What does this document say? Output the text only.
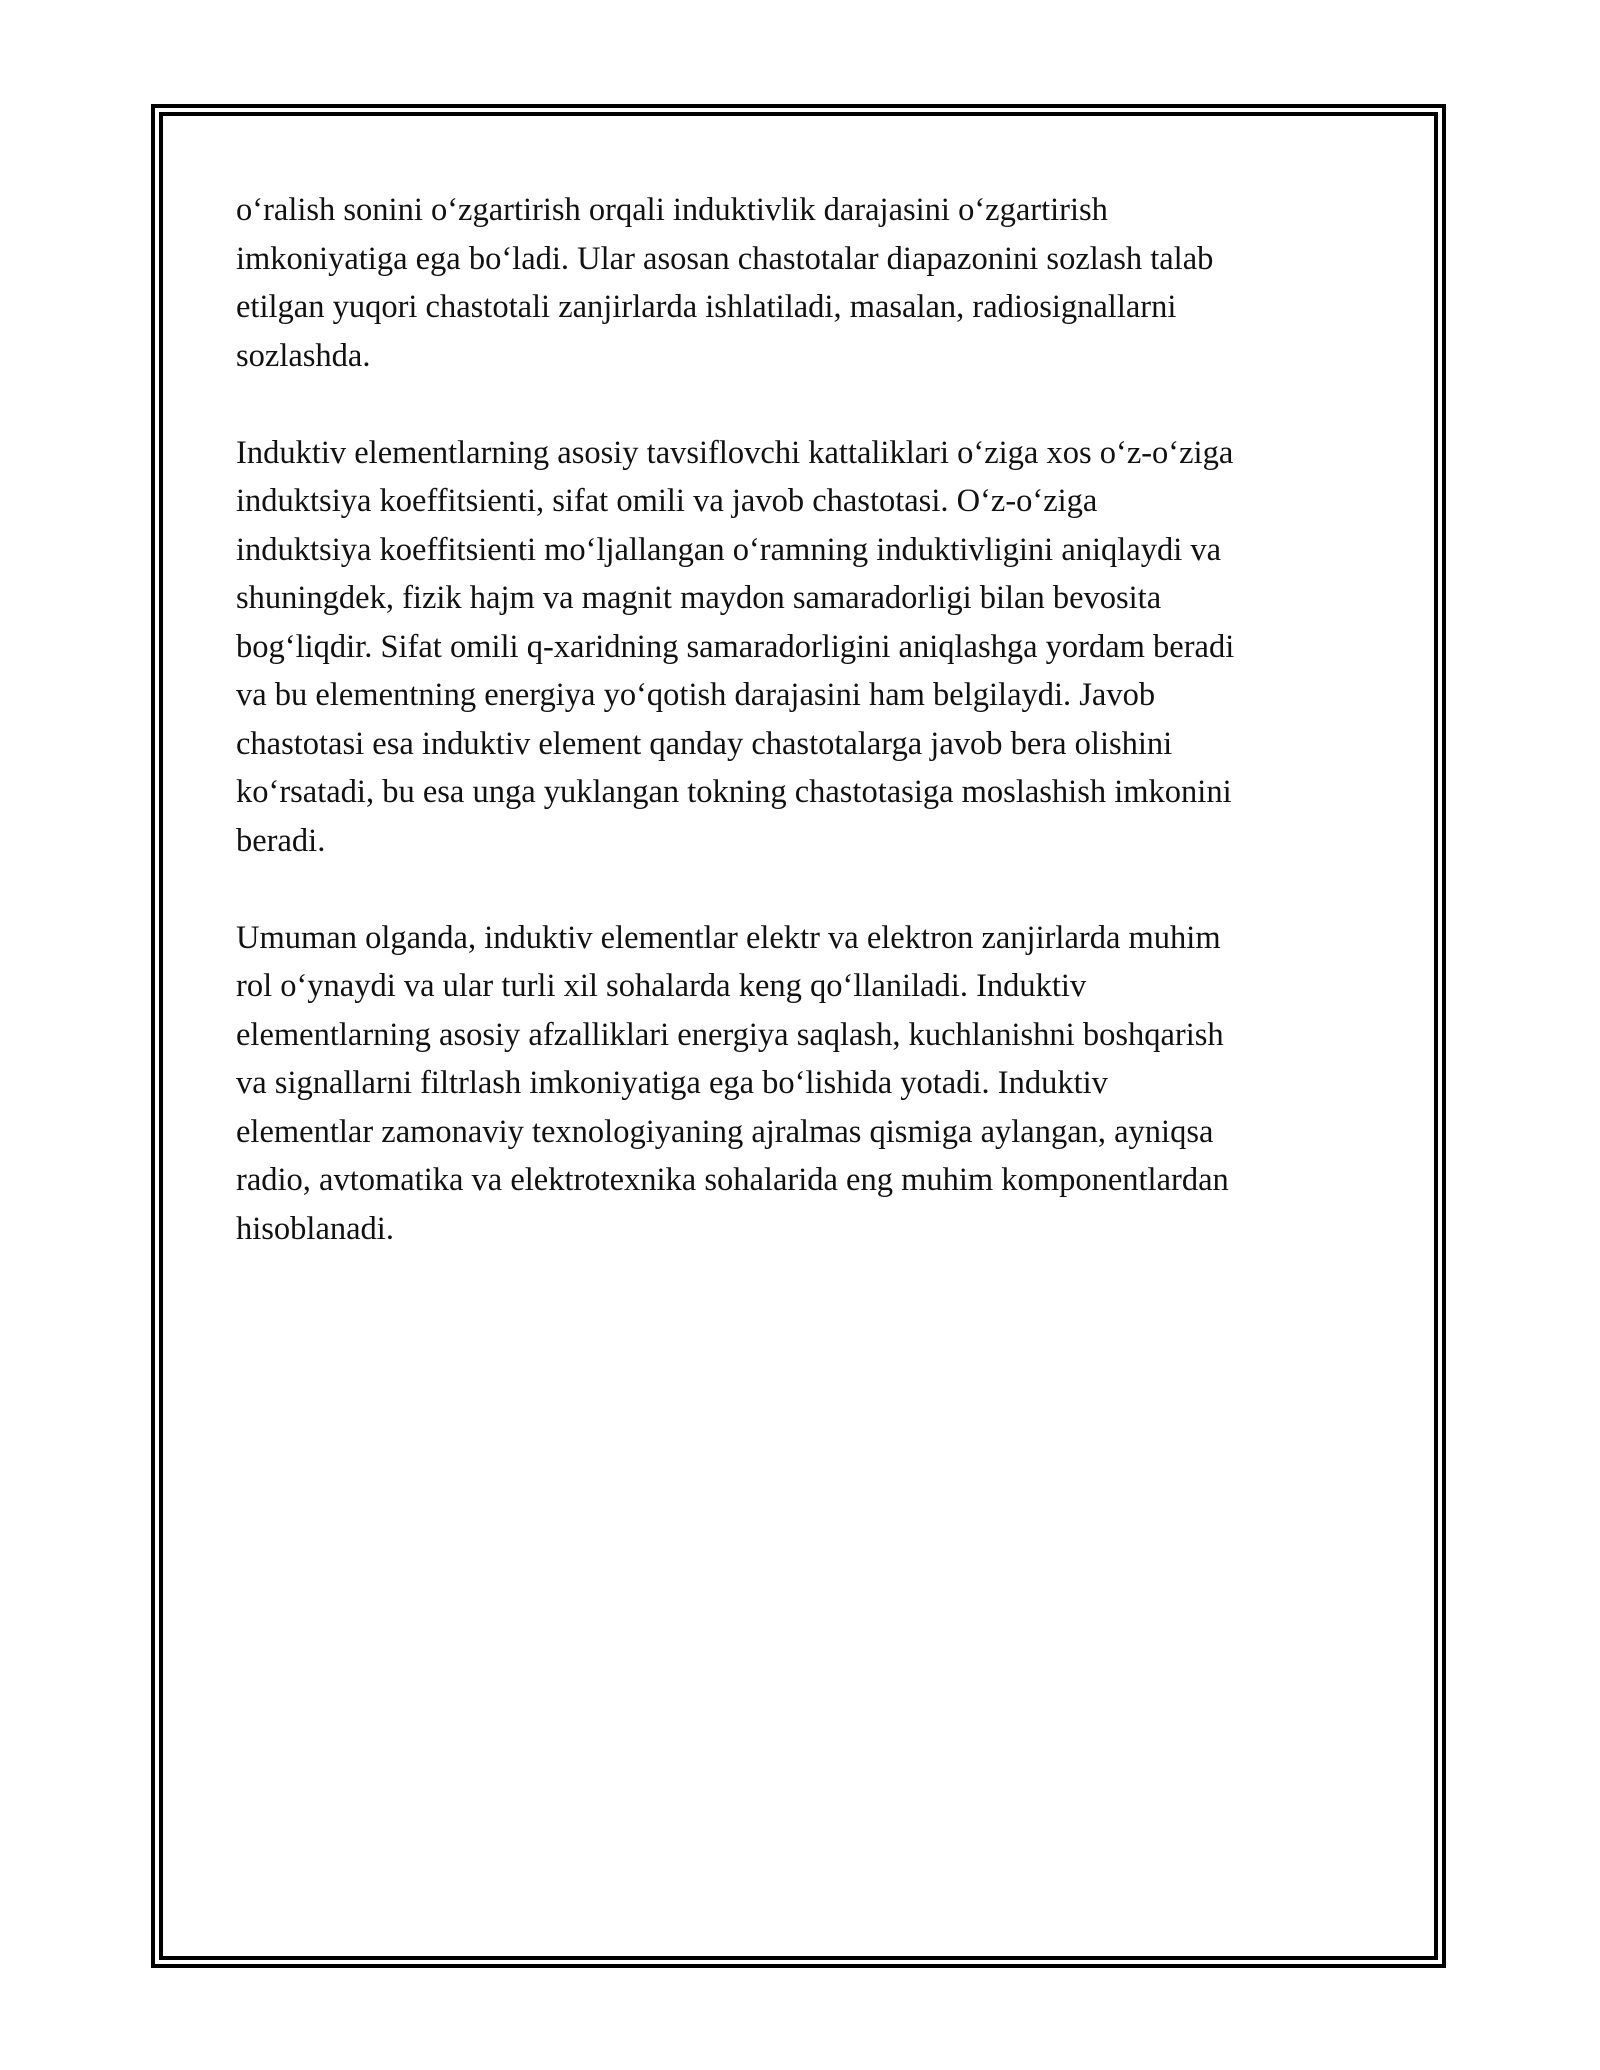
oʻralish sonini oʻzgartirish orqali induktivlik darajasini oʻzgartirish
imkoniyatiga ega boʻladi. Ular asosan chastotalar diapazonini sozlash talab
etilgan yuqori chastotali zanjirlarda ishlatiladi, masalan, radiosignallarni
sozlashda.

Induktiv elementlarning asosiy tavsiflovchi kattaliklari oʻziga xos oʻz-oʻziga
induktsiya koeffitsienti, sifat omili va javob chastotasi. Oʻz-oʻziga
induktsiya koeffitsienti moʻljallangan oʻramning induktivligini aniqlaydi va
shuningdek, fizik hajm va magnit maydon samaradorligi bilan bevosita
bogʻliqdir. Sifat omili q-xaridning samaradorligini aniqlashga yordam beradi
va bu elementning energiya yoʻqotish darajasini ham belgilaydi. Javob
chastotasi esa induktiv element qanday chastotalarga javob bera olishini
koʻrsatadi, bu esa unga yuklangan tokning chastotasiga moslashish imkonini
beradi.

Umuman olganda, induktiv elementlar elektr va elektron zanjirlarda muhim
rol oʻynaydi va ular turli xil sohalarda keng qoʻllaniladi. Induktiv
elementlarning asosiy afzalliklari energiya saqlash, kuchlanishni boshqarish
va signallarni filtrlash imkoniyatiga ega boʻlishida yotadi. Induktiv
elementlar zamonaviy texnologiyaning ajralmas qismiga aylangan, ayniqsa
radio, avtomatika va elektrotexnika sohalarida eng muhim komponentlardan
hisoblanadi.
